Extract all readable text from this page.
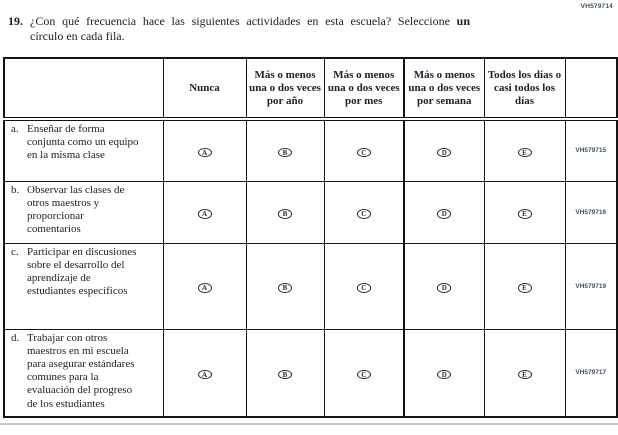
VH579714
19. ¿Con qué frecuencia hace las siguientes actividades en esta escuela? Seleccione un
círculo en cada fila.
	Nunca	Más o menos una o dos veces por año	Más o menos una o dos veces por mes	Más o menos una o dos veces por semana	Todos los días o casi todos los días	

a. Enseñar de forma conjunta como un equipo en la misma clase	A	B	C	D	E	VH579715

b. Observar las clases de otros maestros y proporcionar comentarios	A	B	C	D	E	VH579716

c. Participar en discusiones sobre el desarrollo del aprendizaje de estudiantes específicos	A	B	C	D	E	VH579719

d. Trabajar con otros maestros en mi escuela para asegurar estándares comunes para la evaluación del progreso de los estudiantes	A	B	C	D	E	VH579717
